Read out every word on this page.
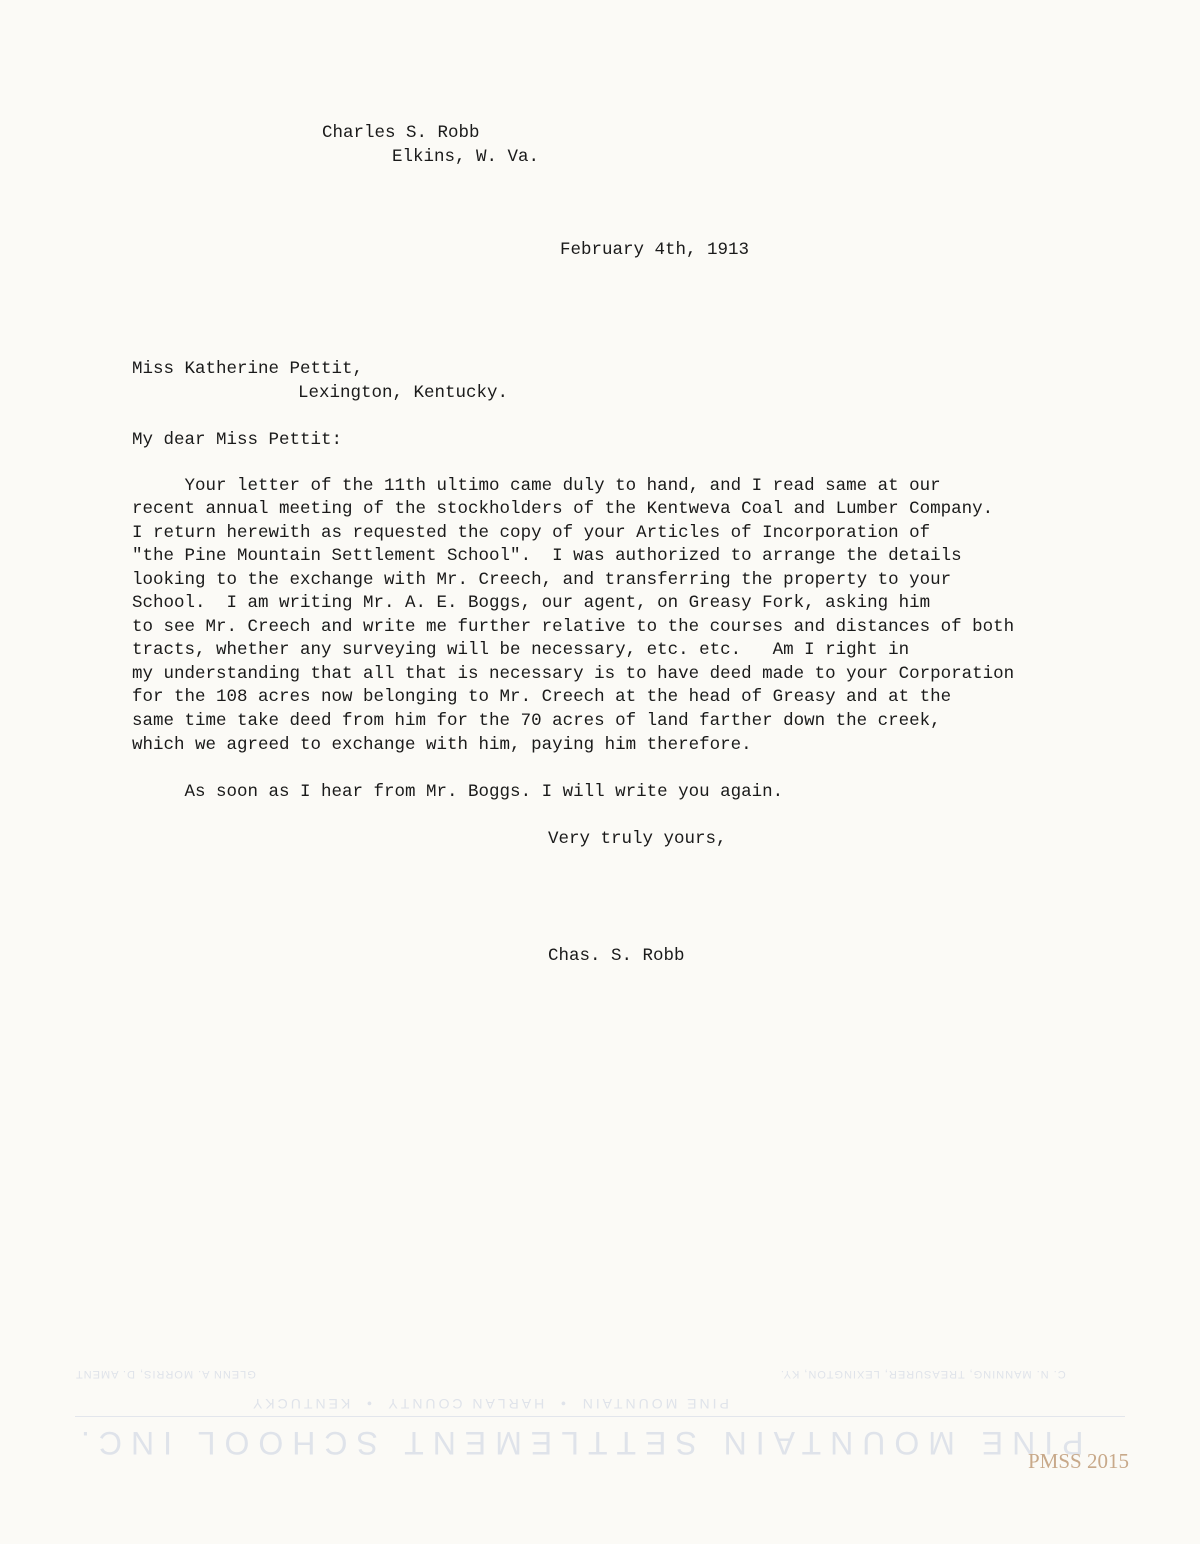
Charles S. Robb
Elkins, W. Va.
February 4th, 1913
Miss Katherine Pettit,
Lexington, Kentucky.
My dear Miss Pettit:
Your letter of the 11th ultimo came duly to hand, and I read same at our
recent annual meeting of the stockholders of the Kentweva Coal and Lumber Company.
I return herewith as requested the copy of your Articles of Incorporation of
"the Pine Mountain Settlement School".  I was authorized to arrange the details
looking to the exchange with Mr. Creech, and transferring the property to your
School.  I am writing Mr. A. E. Boggs, our agent, on Greasy Fork, asking him
to see Mr. Creech and write me further relative to the courses and distances of both
tracts, whether any surveying will be necessary, etc. etc.   Am I right in
my understanding that all that is necessary is to have deed made to your Corporation
for the 108 acres now belonging to Mr. Creech at the head of Greasy and at the
same time take deed from him for the 70 acres of land farther down the creek,
which we agreed to exchange with him, paying him therefore.
As soon as I hear from Mr. Boggs. I will write you again.
Very truly yours,
Chas. S. Robb
GLENN A. MORRIS, D. AMENT	C. N. MANNING, TREASURER, LEXINGTON, KY.
PINE MOUNTAIN  •  HARLAN COUNTY  •  KENTUCKY
PINE MOUNTAIN SETTLEMENT SCHOOL INC.
PMSS 2015
